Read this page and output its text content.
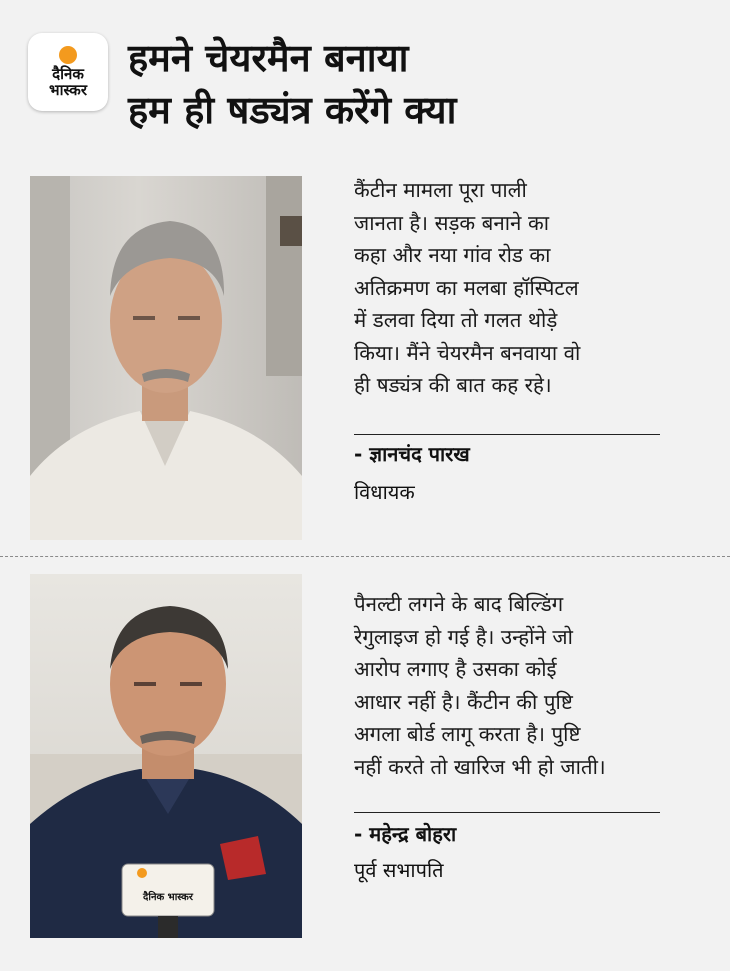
दैनिक
भास्कर
हमने चेयरमैन बनाया
हम ही षड्यंत्र करेंगे क्या
कैंटीन मामला पूरा पाली
जानता है। सड़क बनाने का
कहा और नया गांव रोड का
अतिक्रमण का मलबा हॉस्पिटल
में डलवा दिया तो गलत थोड़े
किया। मैंने चेयरमैन बनवाया वो
ही षड्यंत्र की बात कह रहे।
- ज्ञानचंद पारख
विधायक
दैनिक भास्कर
पैनल्टी लगने के बाद बिल्डिंग
रेगुलाइज हो गई है। उन्होंने जो
आरोप लगाए है उसका कोई
आधार नहीं है। कैंटीन की पुष्टि
अगला बोर्ड लागू करता है। पुष्टि
नहीं करते तो खारिज भी हो जाती।
- महेन्द्र बोहरा
पूर्व सभापति
